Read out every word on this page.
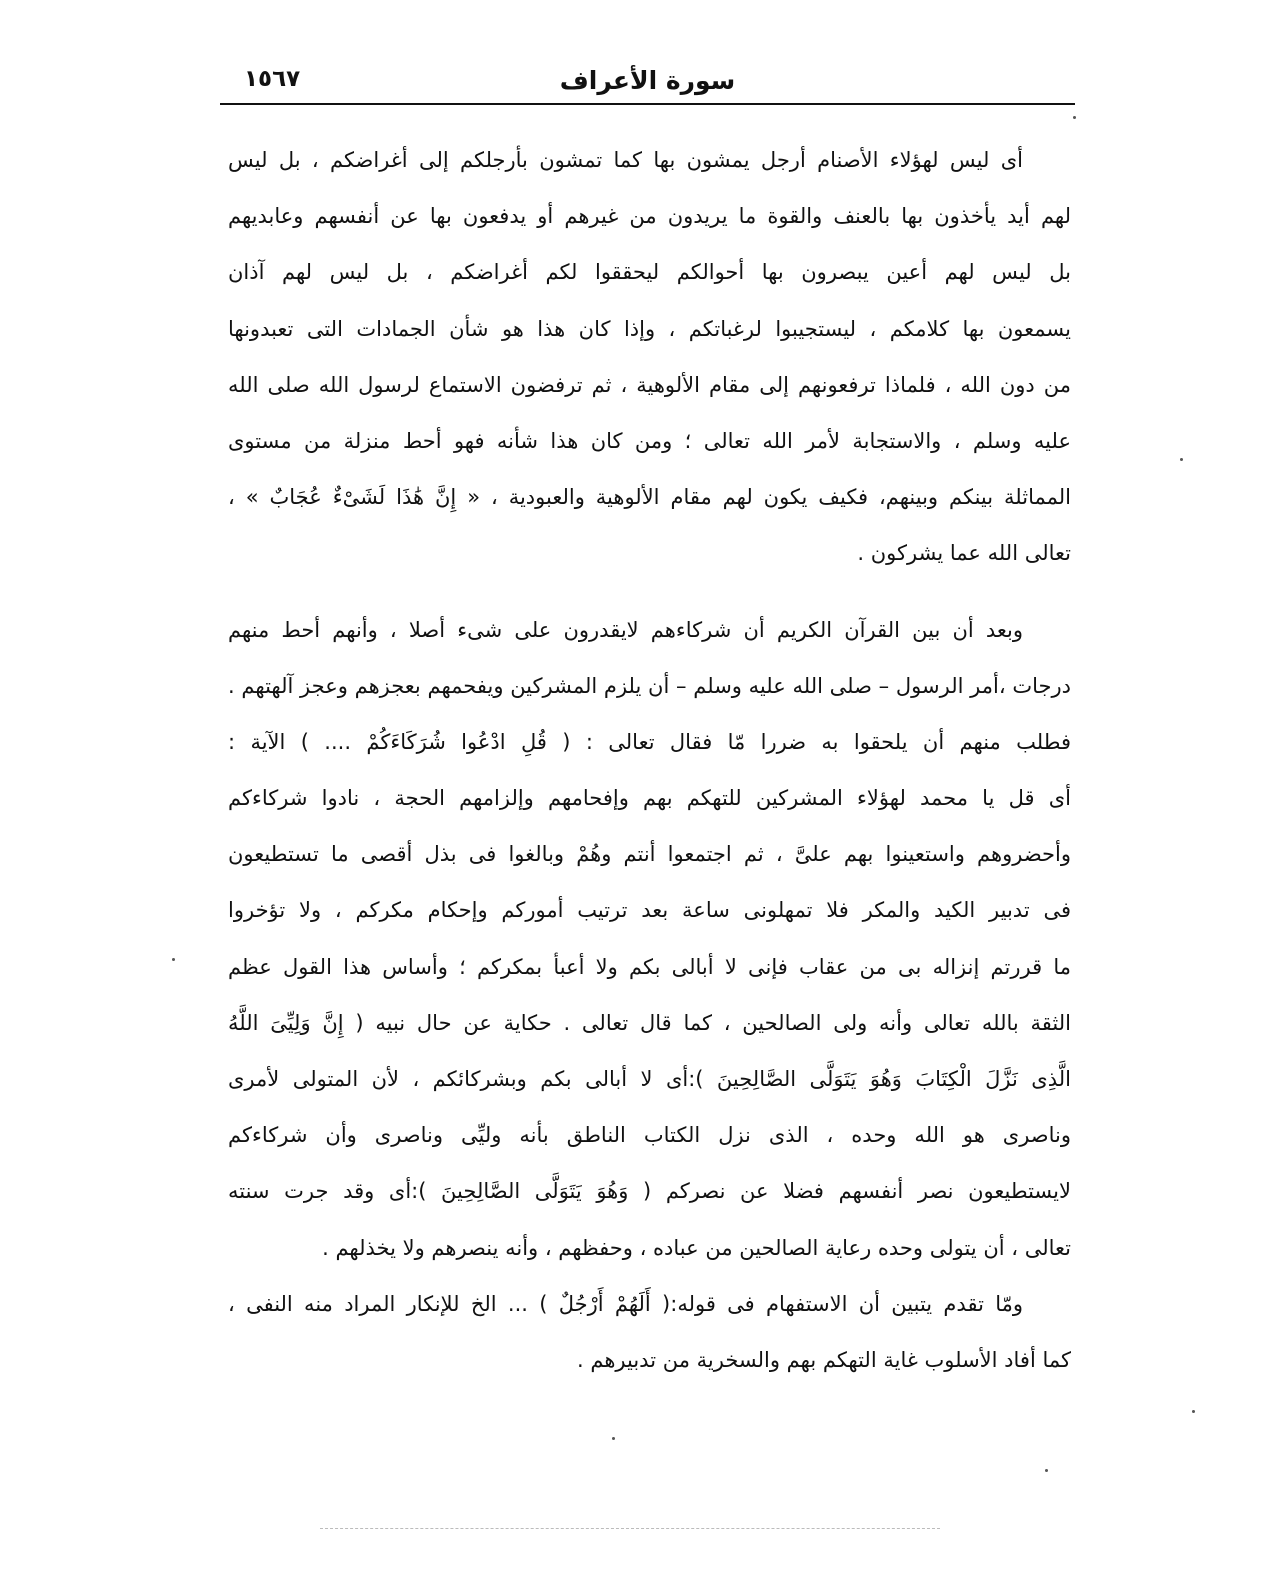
سورة الأعراف
١٥٦٧
أى ليس لهؤلاء الأصنام أرجل يمشون بها كما تمشون بأرجلكم إلى أغراضكم ، بل ليس
لهم أيد يأخذون بها بالعنف والقوة ما يريدون من غيرهم أو يدفعون بها عن أنفسهم وعابديهم
بل ليس لهم أعين يبصرون بها أحوالكم ليحققوا لكم أغراضكم ، بل ليس لهم آذان
يسمعون بها كلامكم ، ليستجيبوا لرغباتكم ، وإذا كان هذا هو شأن الجمادات التى تعبدونها
من دون الله ، فلماذا ترفعونهم إلى مقام الألوهية ، ثم ترفضون الاستماع لرسول الله صلى الله
عليه وسلم ، والاستجابة لأمر الله تعالى ؛ ومن كان هذا شأنه فهو أحط منزلة من مستوى
المماثلة بينكم وبينهم، فكيف يكون لهم مقام الألوهية والعبودية ، « إِنَّ هَٰذَا لَشَىْءٌ عُجَابٌ » ،
تعالى الله عما يشركون .
وبعد أن بين القرآن الكريم أن شركاءهم لايقدرون على شىء أصلا ، وأنهم أحط منهم
درجات ،أمر الرسول – صلى الله عليه وسلم – أن يلزم المشركين ويفحمهم بعجزهم وعجز آلهتهم .
فطلب منهم أن يلحقوا به ضررا مّا فقال تعالى : ( قُلِ ادْعُوا شُرَكَاءَكُمْ .... ) الآية :
أى قل يا محمد لهؤلاء المشركين للتهكم بهم وإفحامهم وإلزامهم الحجة ، نادوا شركاءكم
وأحضروهم واستعينوا بهم علىَّ ، ثم اجتمعوا أنتم وهُمْ وبالغوا فى بذل أقصى ما تستطيعون
فى تدبير الكيد والمكر فلا تمهلونى ساعة بعد ترتيب أموركم وإحكام مكركم ، ولا تؤخروا
ما قررتم إنزاله بى من عقاب فإنى لا أبالى بكم ولا أعبأ بمكركم ؛ وأساس هذا القول عظم
الثقة بالله تعالى وأنه ولى الصالحين ، كما قال تعالى . حكاية عن حال نبيه ( إِنَّ وَلِيِّىَ اللَّهُ
الَّذِى نَزَّلَ الْكِتَابَ وَهُوَ يَتَوَلَّى الصَّالِحِينَ ):أى لا أبالى بكم وبشركائكم ، لأن المتولى لأمرى
وناصرى هو الله وحده ، الذى نزل الكتاب الناطق بأنه وليِّى وناصرى وأن شركاءكم
لايستطيعون نصر أنفسهم فضلا عن نصركم ( وَهُوَ يَتَوَلَّى الصَّالِحِينَ ):أى وقد جرت سنته
تعالى ، أن يتولى وحده رعاية الصالحين من عباده ، وحفظهم ، وأنه ينصرهم ولا يخذلهم .
ومّا تقدم يتبين أن الاستفهام فى قوله:( أَلَهُمْ أَرْجُلٌ ) ... الخ للإنكار المراد منه النفى ،
كما أفاد الأسلوب غاية التهكم بهم والسخرية من تدبيرهم .
